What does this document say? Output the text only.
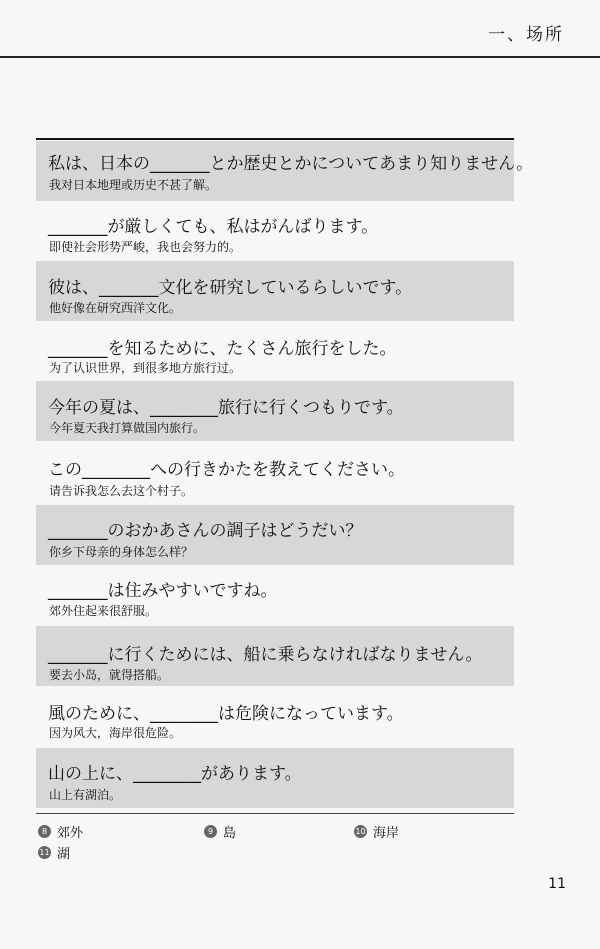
一、场所
私は、日本の_______とか歴史とかについてあまり知りません。
我对日本地理或历史不甚了解。
_______が厳しくても、私はがんばります。
即使社会形势严峻，我也会努力的。
彼は、_______文化を研究しているらしいです。
他好像在研究西洋文化。
_______を知るために、たくさん旅行をした。
为了认识世界，到很多地方旅行过。
今年の夏は、________旅行に行くつもりです。
今年夏天我打算做国内旅行。
この________への行きかたを教えてください。
请告诉我怎么去这个村子。
_______のおかあさんの調子はどうだい？
你乡下母亲的身体怎么样？
_______は住みやすいですね。
郊外住起来很舒服。
_______に行くためには、船に乗らなければなりません。
要去小岛，就得搭船。
風のために、________は危険になっています。
因为风大，海岸很危险。
山の上に、________があります。
山上有湖泊。
8 郊外	9 島	10 海岸
11 湖
11
